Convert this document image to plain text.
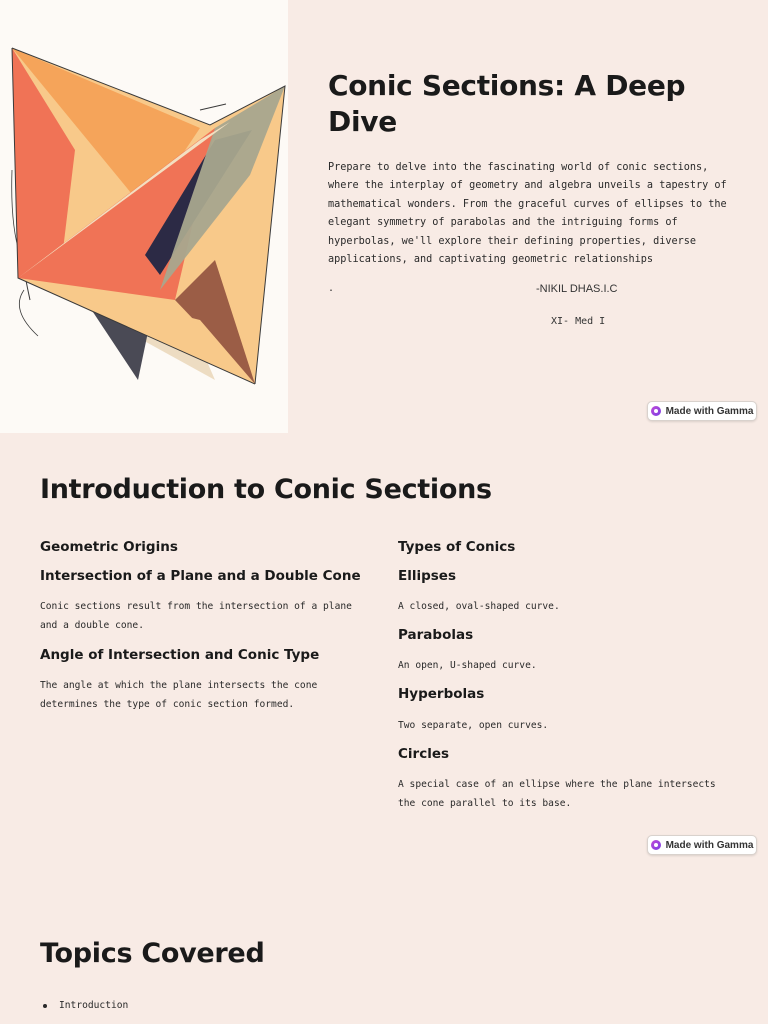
Conic Sections: A Deep Dive

Prepare to delve into the fascinating world of conic sections, where the interplay of geometry and algebra unveils a tapestry of mathematical wonders. From the graceful curves of ellipses to the elegant symmetry of parabolas and the intriguing forms of hyperbolas, we'll explore their defining properties, diverse applications, and captivating geometric relationships

.	-NIKIL DHAS.I.C
XI- Med I
Made with Gamma
Introduction to Conic Sections
Geometric Origins
Intersection of a Plane and a Double Cone

Conic sections result from the intersection of a plane and a double cone.

Angle of Intersection and Conic Type

The angle at which the plane intersects the cone determines the type of conic section formed.

Types of Conics
Ellipses

A closed, oval-shaped curve.

Parabolas

An open, U-shaped curve.

Hyperbolas

Two separate, open curves.

Circles

A special case of an ellipse where the plane intersects the cone parallel to its base.

Made with Gamma
Topics Covered
Introduction
